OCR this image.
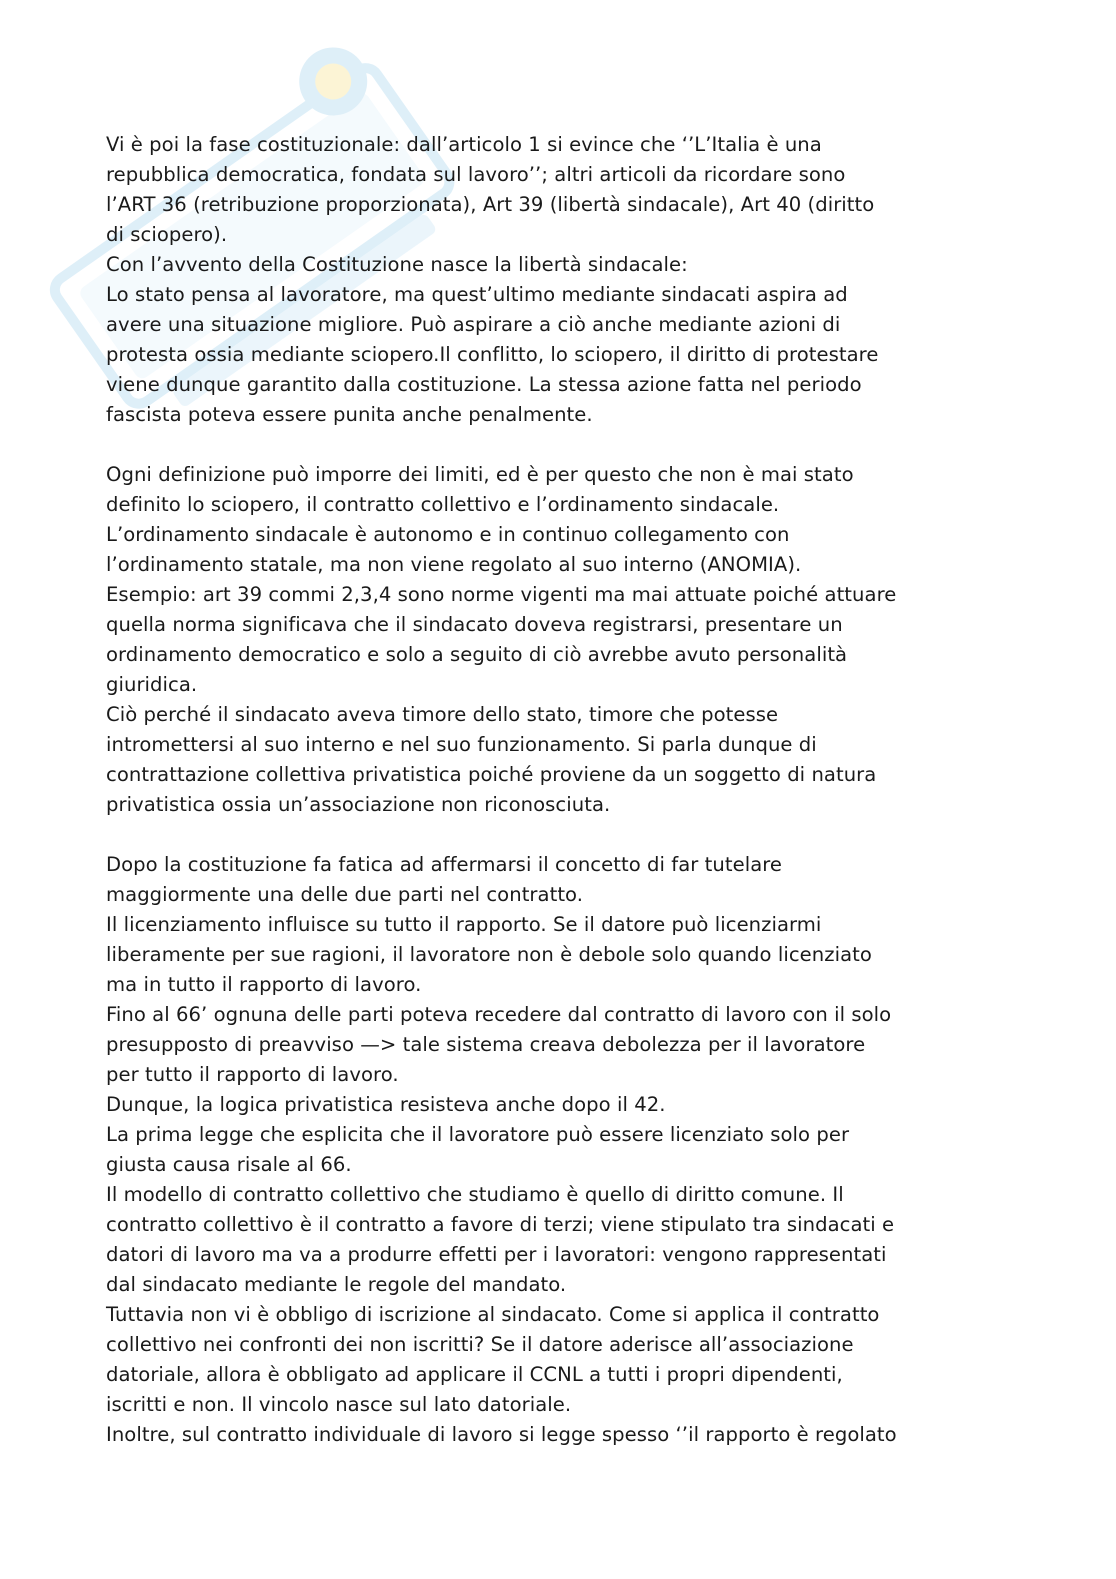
Vi è poi la fase costituzionale: dall’articolo 1 si evince che ‘’L’Italia è una
repubblica democratica, fondata sul lavoro’’; altri articoli da ricordare sono
l’ART 36 (retribuzione proporzionata), Art 39 (libertà sindacale), Art 40 (diritto
di sciopero).
Con l’avvento della Costituzione nasce la libertà sindacale:
Lo stato pensa al lavoratore, ma quest’ultimo mediante sindacati aspira ad
avere una situazione migliore. Può aspirare a ciò anche mediante azioni di
protesta ossia mediante sciopero.Il conflitto, lo sciopero, il diritto di protestare
viene dunque garantito dalla costituzione. La stessa azione fatta nel periodo
fascista poteva essere punita anche penalmente.
Ogni definizione può imporre dei limiti, ed è per questo che non è mai stato
definito lo sciopero, il contratto collettivo e l’ordinamento sindacale.
L’ordinamento sindacale è autonomo e in continuo collegamento con
l’ordinamento statale, ma non viene regolato al suo interno (ANOMIA).
Esempio: art 39 commi 2,3,4 sono norme vigenti ma mai attuate poiché attuare
quella norma significava che il sindacato doveva registrarsi, presentare un
ordinamento democratico e solo a seguito di ciò avrebbe avuto personalità
giuridica.
Ciò perché il sindacato aveva timore dello stato, timore che potesse
intromettersi al suo interno e nel suo funzionamento. Si parla dunque di
contrattazione collettiva privatistica poiché proviene da un soggetto di natura
privatistica ossia un’associazione non riconosciuta.
Dopo la costituzione fa fatica ad affermarsi il concetto di far tutelare
maggiormente una delle due parti nel contratto.
Il licenziamento influisce su tutto il rapporto. Se il datore può licenziarmi
liberamente per sue ragioni, il lavoratore non è debole solo quando licenziato
ma in tutto il rapporto di lavoro.
Fino al 66’ ognuna delle parti poteva recedere dal contratto di lavoro con il solo
presupposto di preavviso —> tale sistema creava debolezza per il lavoratore
per tutto il rapporto di lavoro.
Dunque, la logica privatistica resisteva anche dopo il 42.
La prima legge che esplicita che il lavoratore può essere licenziato solo per
giusta causa risale al 66.
Il modello di contratto collettivo che studiamo è quello di diritto comune. Il
contratto collettivo è il contratto a favore di terzi; viene stipulato tra sindacati e
datori di lavoro ma va a produrre effetti per i lavoratori: vengono rappresentati
dal sindacato mediante le regole del mandato.
Tuttavia non vi è obbligo di iscrizione al sindacato. Come si applica il contratto
collettivo nei confronti dei non iscritti? Se il datore aderisce all’associazione
datoriale, allora è obbligato ad applicare il CCNL a tutti i propri dipendenti,
iscritti e non. Il vincolo nasce sul lato datoriale.
Inoltre, sul contratto individuale di lavoro si legge spesso ‘’il rapporto è regolato
